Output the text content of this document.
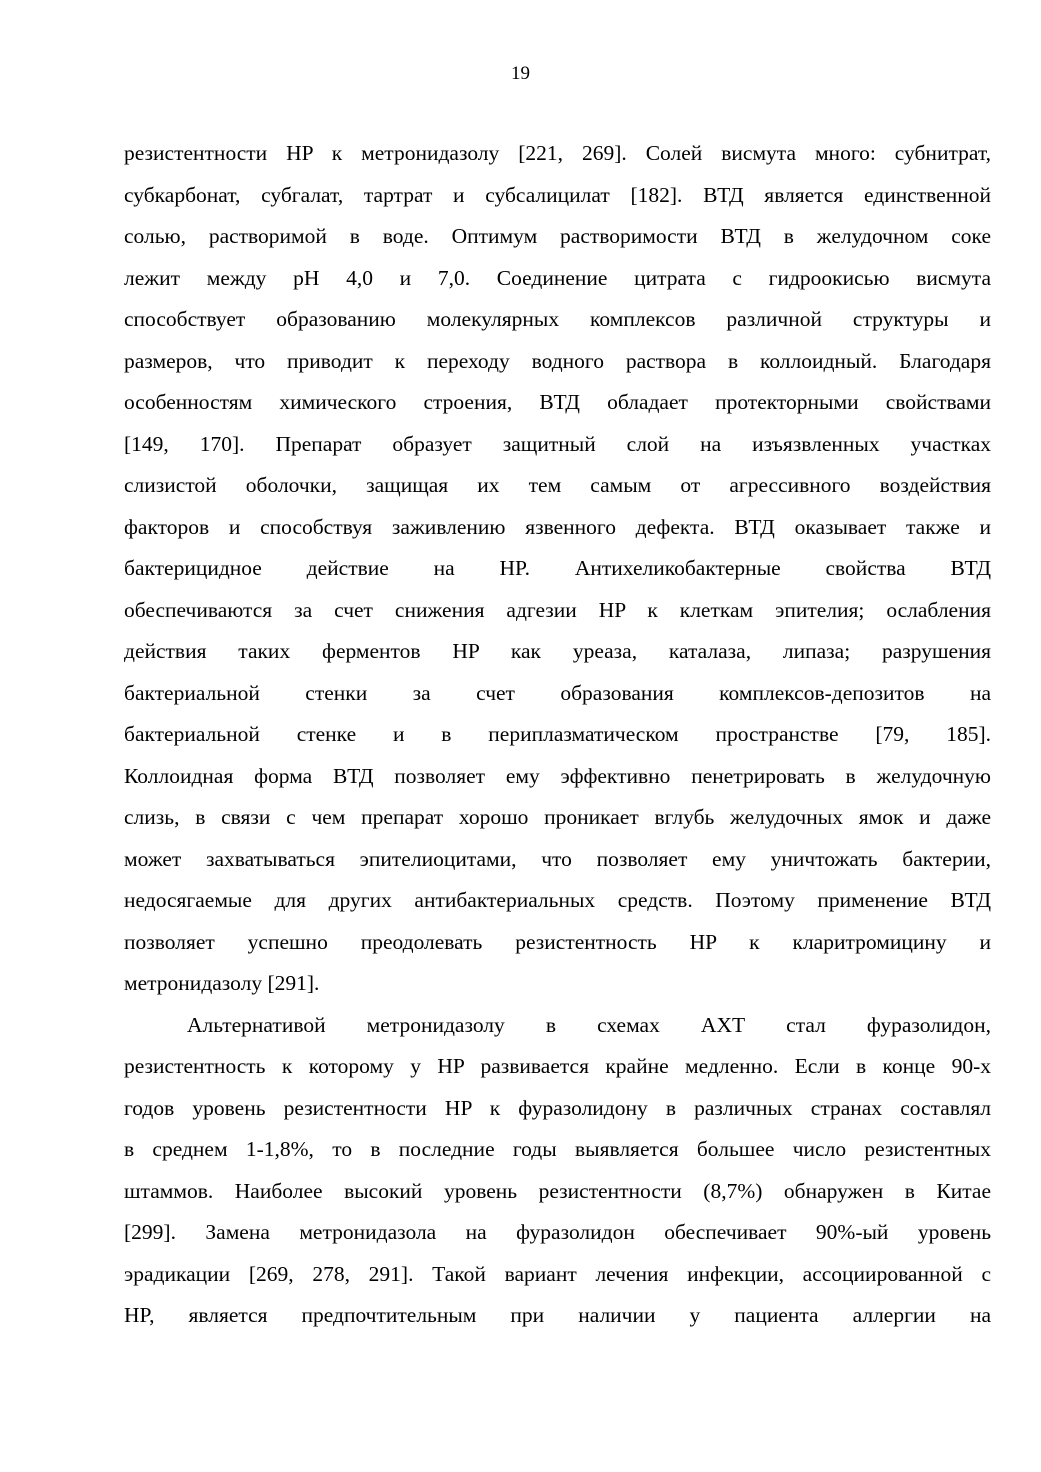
19
резистентности HP к метронидазолу [221, 269]. Солей висмута много: субнитрат,
субкарбонат, субгалат, тартрат и субсалицилат [182]. ВТД является единственной
солью, растворимой в воде. Оптимум растворимости ВТД в желудочном соке
лежит между pH 4,0 и 7,0. Соединение цитрата с гидроокисью висмута
способствует образованию молекулярных комплексов различной структуры и
размеров, что приводит к переходу водного раствора в коллоидный. Благодаря
особенностям химического строения, ВТД обладает протекторными свойствами
[149, 170]. Препарат образует защитный слой на изъязвленных участках
слизистой оболочки, защищая их тем самым от агрессивного воздействия
факторов и способствуя заживлению язвенного дефекта. ВТД оказывает также и
бактерицидное действие на HP. Антихеликобактерные свойства ВТД
обеспечиваются за счет снижения адгезии HP к клеткам эпителия; ослабления
действия таких ферментов HP как уреаза, каталаза, липаза; разрушения
бактериальной стенки за счет образования комплексов-депозитов на
бактериальной стенке и в периплазматическом пространстве [79, 185].
Коллоидная форма ВТД позволяет ему эффективно пенетрировать в желудочную
слизь, в связи с чем препарат хорошо проникает вглубь желудочных ямок и даже
может захватываться эпителиоцитами, что позволяет ему уничтожать бактерии,
недосягаемые для других антибактериальных средств. Поэтому применение ВТД
позволяет успешно преодолевать резистентность HP к кларитромицину и
метронидазолу [291].
Альтернативой метронидазолу в схемах АХТ стал фуразолидон,
резистентность к которому у HP развивается крайне медленно. Если в конце 90-х
годов уровень резистентности HP к фуразолидону в различных странах составлял
в среднем 1-1,8%, то в последние годы выявляется большее число резистентных
штаммов. Наиболее высокий уровень резистентности (8,7%) обнаружен в Китае
[299]. Замена метронидазола на фуразолидон обеспечивает 90%-ый уровень
эрадикации [269, 278, 291]. Такой вариант лечения инфекции, ассоциированной с
HP, является предпочтительным при наличии у пациента аллергии на
